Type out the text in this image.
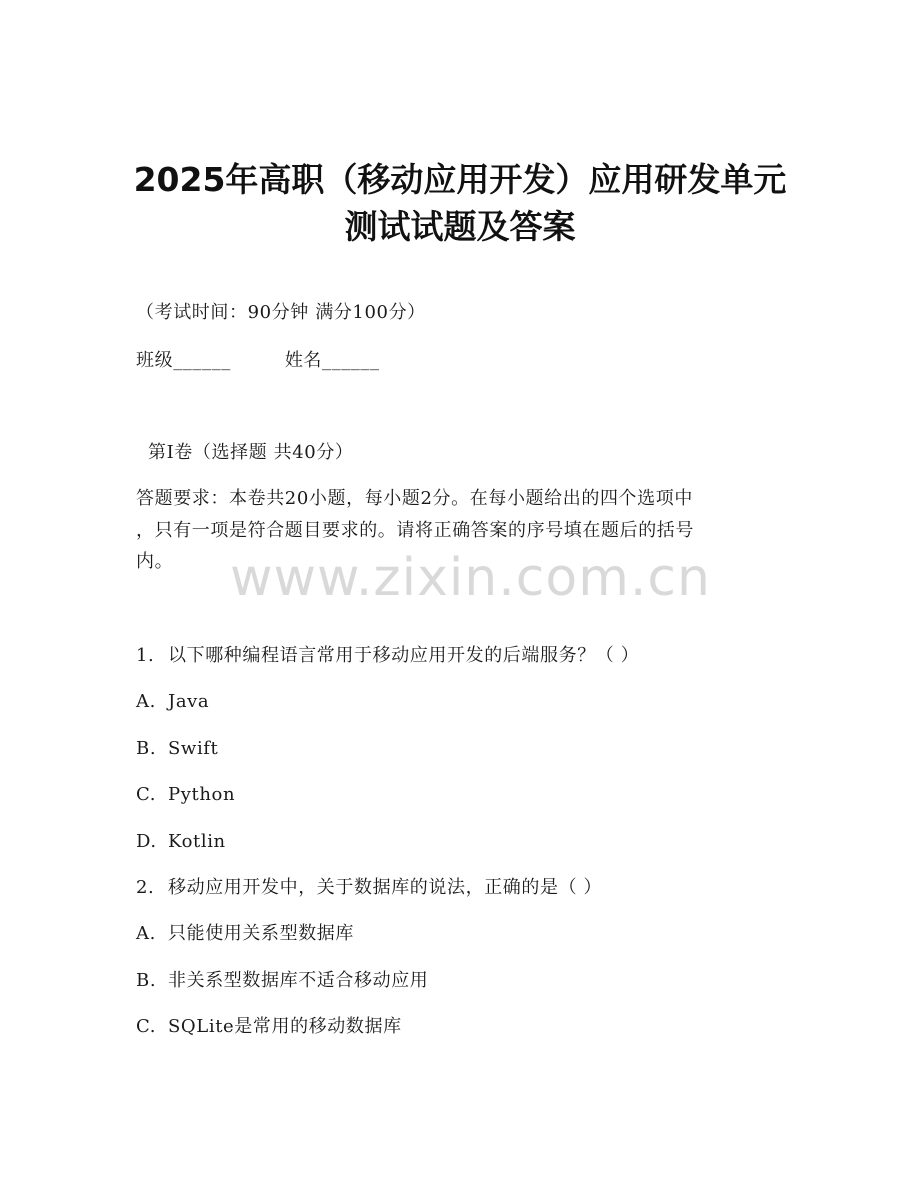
2025年高职（移动应用开发）应用研发单元
测试试题及答案
（考试时间：90分钟 满分100分）
班级______	姓名______
第Ⅰ卷（选择题 共40分）
答题要求：本卷共20小题，每小题2分。在每小题给出的四个选项中
，只有一项是符合题目要求的。请将正确答案的序号填在题后的括号
内。 www.zixin.com.cn
1. 以下哪种编程语言常用于移动应用开发的后端服务？（ ）
A. Java
B. Swift
C. Python
D. Kotlin
2. 移动应用开发中，关于数据库的说法，正确的是（ ）
A. 只能使用关系型数据库
B. 非关系型数据库不适合移动应用
C. SQLite是常用的移动数据库
